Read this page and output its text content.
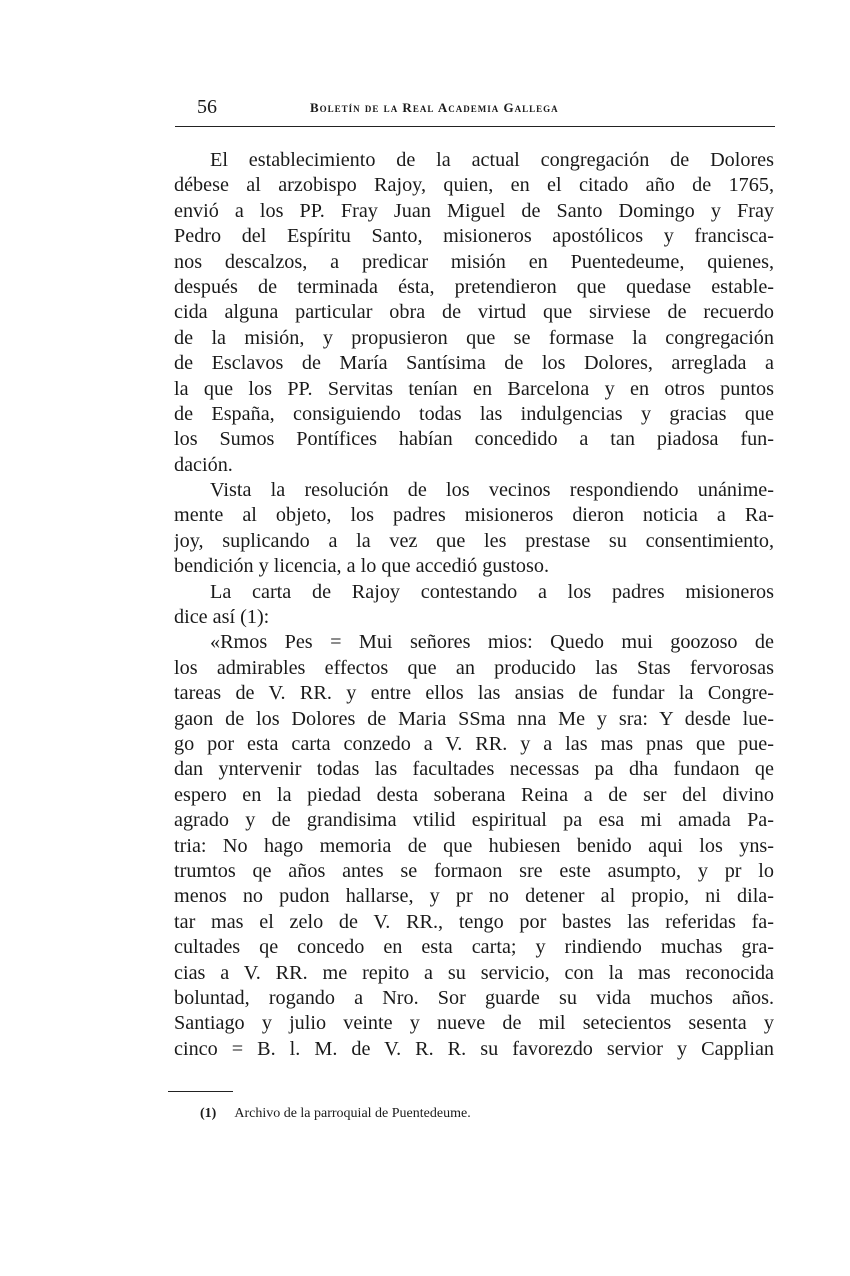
56	Boletín de la Real Academia Gallega
El establecimiento de la actual congregación de Dolores
débese al arzobispo Rajoy, quien, en el citado año de 1765,
envió a los PP. Fray Juan Miguel de Santo Domingo y Fray
Pedro del Espíritu Santo, misioneros apostólicos y francisca-
nos descalzos, a predicar misión en Puentedeume, quienes,
después de terminada ésta, pretendieron que quedase estable-
cida alguna particular obra de virtud que sirviese de recuerdo
de la misión, y propusieron que se formase la congregación
de Esclavos de María Santísima de los Dolores, arreglada a
la que los PP. Servitas tenían en Barcelona y en otros puntos
de España, consiguiendo todas las indulgencias y gracias que
los Sumos Pontífices habían concedido a tan piadosa fun-
dación.
Vista la resolución de los vecinos respondiendo unánime-
mente al objeto, los padres misioneros dieron noticia a Ra-
joy, suplicando a la vez que les prestase su consentimiento,
bendición y licencia, a lo que accedió gustoso.
La carta de Rajoy contestando a los padres misioneros
dice así (1):
«Rmos Pes = Mui señores mios: Quedo mui goozoso de
los admirables effectos que an producido las Stas fervorosas
tareas de V. RR. y entre ellos las ansias de fundar la Congre-
gaon de los Dolores de Maria SSma nna Me y sra: Y desde lue-
go por esta carta conzedo a V. RR. y a las mas pnas que pue-
dan yntervenir todas las facultades necessas pa dha fundaon qe
espero en la piedad desta soberana Reina a de ser del divino
agrado y de grandisima vtilid espiritual pa esa mi amada Pa-
tria: No hago memoria de que hubiesen benido aqui los yns-
trumtos qe años antes se formaon sre este asumpto, y pr lo
menos no pudon hallarse, y pr no detener al propio, ni dila-
tar mas el zelo de V. RR., tengo por bastes las referidas fa-
cultades qe concedo en esta carta; y rindiendo muchas gra-
cias a V. RR. me repito a su servicio, con la mas reconocida
boluntad, rogando a Nro. Sor guarde su vida muchos años.
Santiago y julio veinte y nueve de mil setecientos sesenta y
cinco = B. l. M. de V. R. R. su favorezdo servior y Capplian
(1) Archivo de la parroquial de Puentedeume.
